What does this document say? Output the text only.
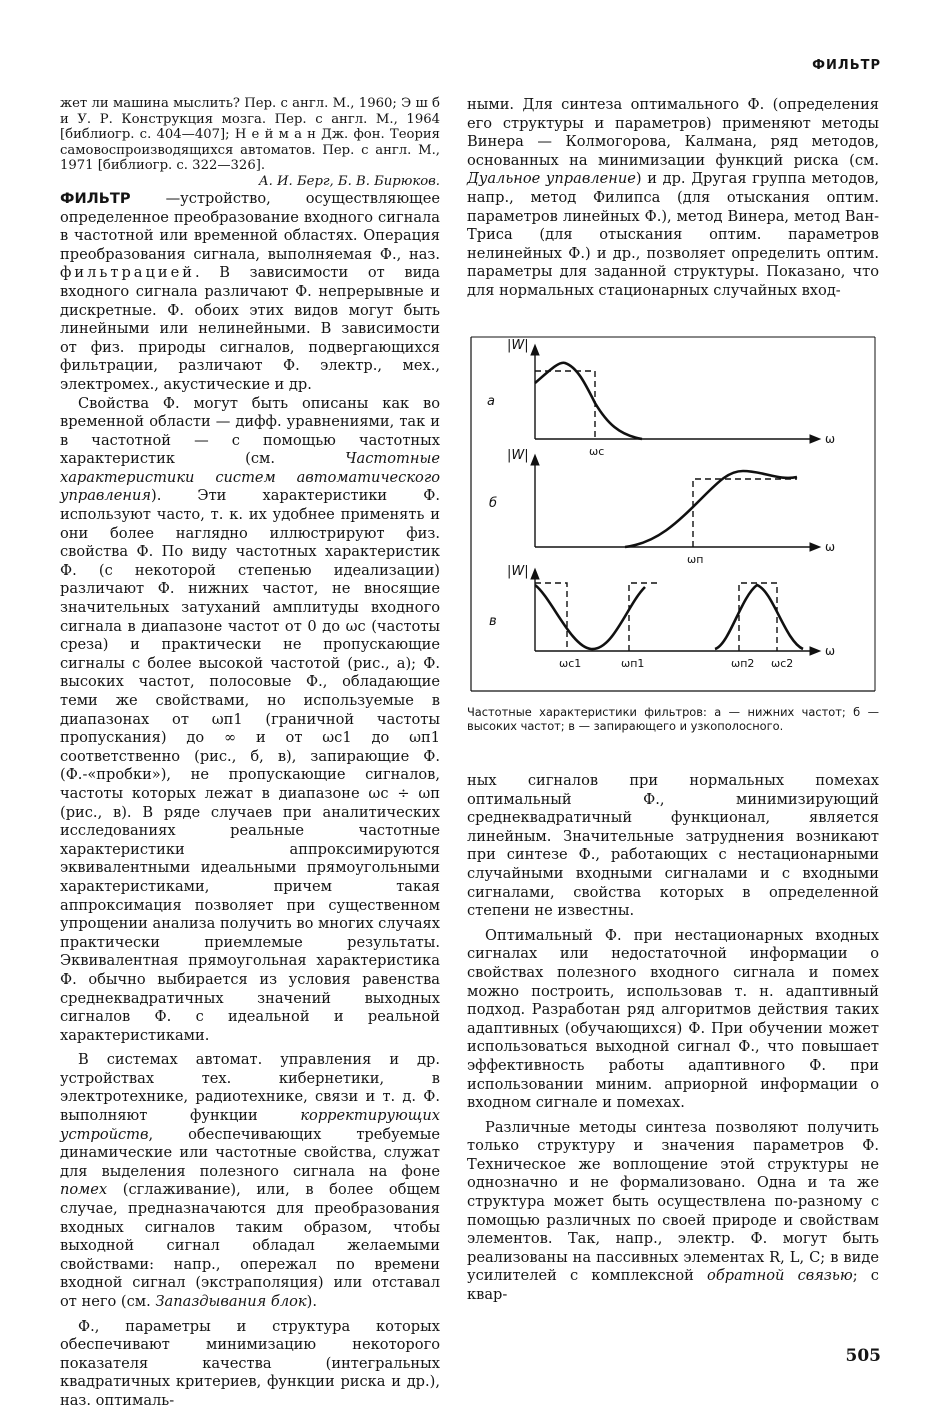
ФИЛЬТР

жет ли машина мыслить? Пер. с англ. М., 1960; Э ш б и У. Р. Конструкция мозга. Пер. с англ. М., 1964 [библиогр. с. 404—407]; Н е й м а н Дж. фон. Теория самовоспроизводящихся автоматов. Пер. с англ. М., 1971 [библиогр. с. 322—326].

А. И. Берг, Б. В. Бирюков.

ФИЛЬТР —устройство, осуществляющее определенное преобразование входного сигнала в частотной или временной областях. Операция преобразования сигнала, выполняемая Ф., наз. фильтрацией. В зависимости от вида входного сигнала различают Ф. непрерывные и дискретные. Ф. обоих этих видов могут быть линейными или нелинейными. В зависимости от физ. природы сигналов, подвергающихся фильтрации, различают Ф. электр., мех., электромех., акустические и др.

Свойства Ф. могут быть описаны как во временной области — дифф. уравнениями, так и в частотной — с помощью частотных характеристик (см.	Частотные характеристики систем автоматического управления). Эти характеристики Ф. используют часто, т. к. их удобнее применять и они более наглядно иллюстрируют физ. свойства Ф. По виду частотных характеристик Ф. (с некоторой степенью идеализации) различают Ф. нижних частот, не вносящие значительных затуханий амплитуды входного сигнала в диапазоне частот от 0 до ωс (частоты среза) и практически не пропускающие сигналы с более высокой частотой (рис., а); Ф. высоких частот, полосовые Ф., обладающие теми же свойствами, но используемые в диапазонах от ωп1 (граничной частоты пропускания) до ∞ и от ωс1 до ωп1 соответственно (рис., б, в), запирающие Ф. (Ф.-«пробки»), не пропускающие сигналов, частоты которых лежат в диапазоне ωс ÷ ωп (рис., в). В ряде случаев при аналитических исследованиях реальные частотные характеристики аппроксимируются эквивалентными идеальными прямоугольными характеристиками, причем такая аппроксимация позволяет при существенном упрощении анализа получить во многих случаях практически приемлемые результаты. Эквивалентная прямоугольная характеристика Ф. обычно выбирается из условия равенства среднеквадратичных значений выходных сигналов Ф. с идеальной и реальной характеристиками.

В системах автомат. управления и др. устройствах тех. кибернетики, в электротехнике, радиотехнике, связи и т. д. Ф. выполняют функции	корректирующих устройств, обеспечивающих требуемые динамические или частотные свойства, служат для выделения полезного сигнала на фоне помех (сглаживание), или, в более общем случае, предназначаются для преобразования входных сигналов таким образом, чтобы выходной сигнал обладал желаемыми свойствами: напр., опережал по времени входной сигнал (экстраполяция) или отставал от него (см. Запаздывания блок).

Ф., параметры и структура которых обеспечивают минимизацию некоторого показателя качества (интегральных квадратичных критериев, функции риска и др.), наз. оптималь-

ными. Для синтеза оптимального Ф. (определения его структуры и параметров) применяют методы Винера — Колмогорова, Калмана, ряд методов, основанных на минимизации функций риска (см. Дуальное управление) и др. Другая группа методов, напр., метод Филипса (для отыскания оптим. параметров линейных Ф.), метод Винера, метод Ван-Триса (для отыскания оптим. параметров нелинейных Ф.) и др., позволяет определить оптим. параметры для заданной структуры. Показано, что для нормальных стационарных случайных вход-

|W|
а
ω
ωс
|W|
б
ω
ωп
|W|
в
ω
ωс1	ωп1	ωп2 ωс2
Частотные характеристики фильтров: а — нижних частот; б — высоких частот; в — запирающего и узкополосного.

ных сигналов при нормальных помехах оптимальный Ф., минимизирующий среднеквадратичный функционал, является линейным. Значительные затруднения возникают при синтезе Ф., работающих с нестационарными случайными входными сигналами и с входными сигналами, свойства которых в определенной степени не известны.

Оптимальный Ф. при нестационарных входных сигналах или недостаточной информации о свойствах полезного входного сигнала и помех можно построить, использовав т. н. адаптивный подход. Разработан ряд алгоритмов действия таких адаптивных (обучающихся) Ф. При обучении может использоваться выходной сигнал Ф., что повышает эффективность работы адаптивного Ф. при использовании миним. априорной информации о входном сигнале и помехах.

Различные методы синтеза позволяют получить только структуру и значения параметров Ф. Техническое же воплощение этой структуры не однозначно и не формализовано. Одна и та же структура может быть осуществлена по-разному с помощью различных по своей природе и свойствам элементов. Так, напр., электр. Ф. могут быть реализованы на пассивных элементах R, L, C; в виде усилителей с комплексной обратной связью; с квар-

505
